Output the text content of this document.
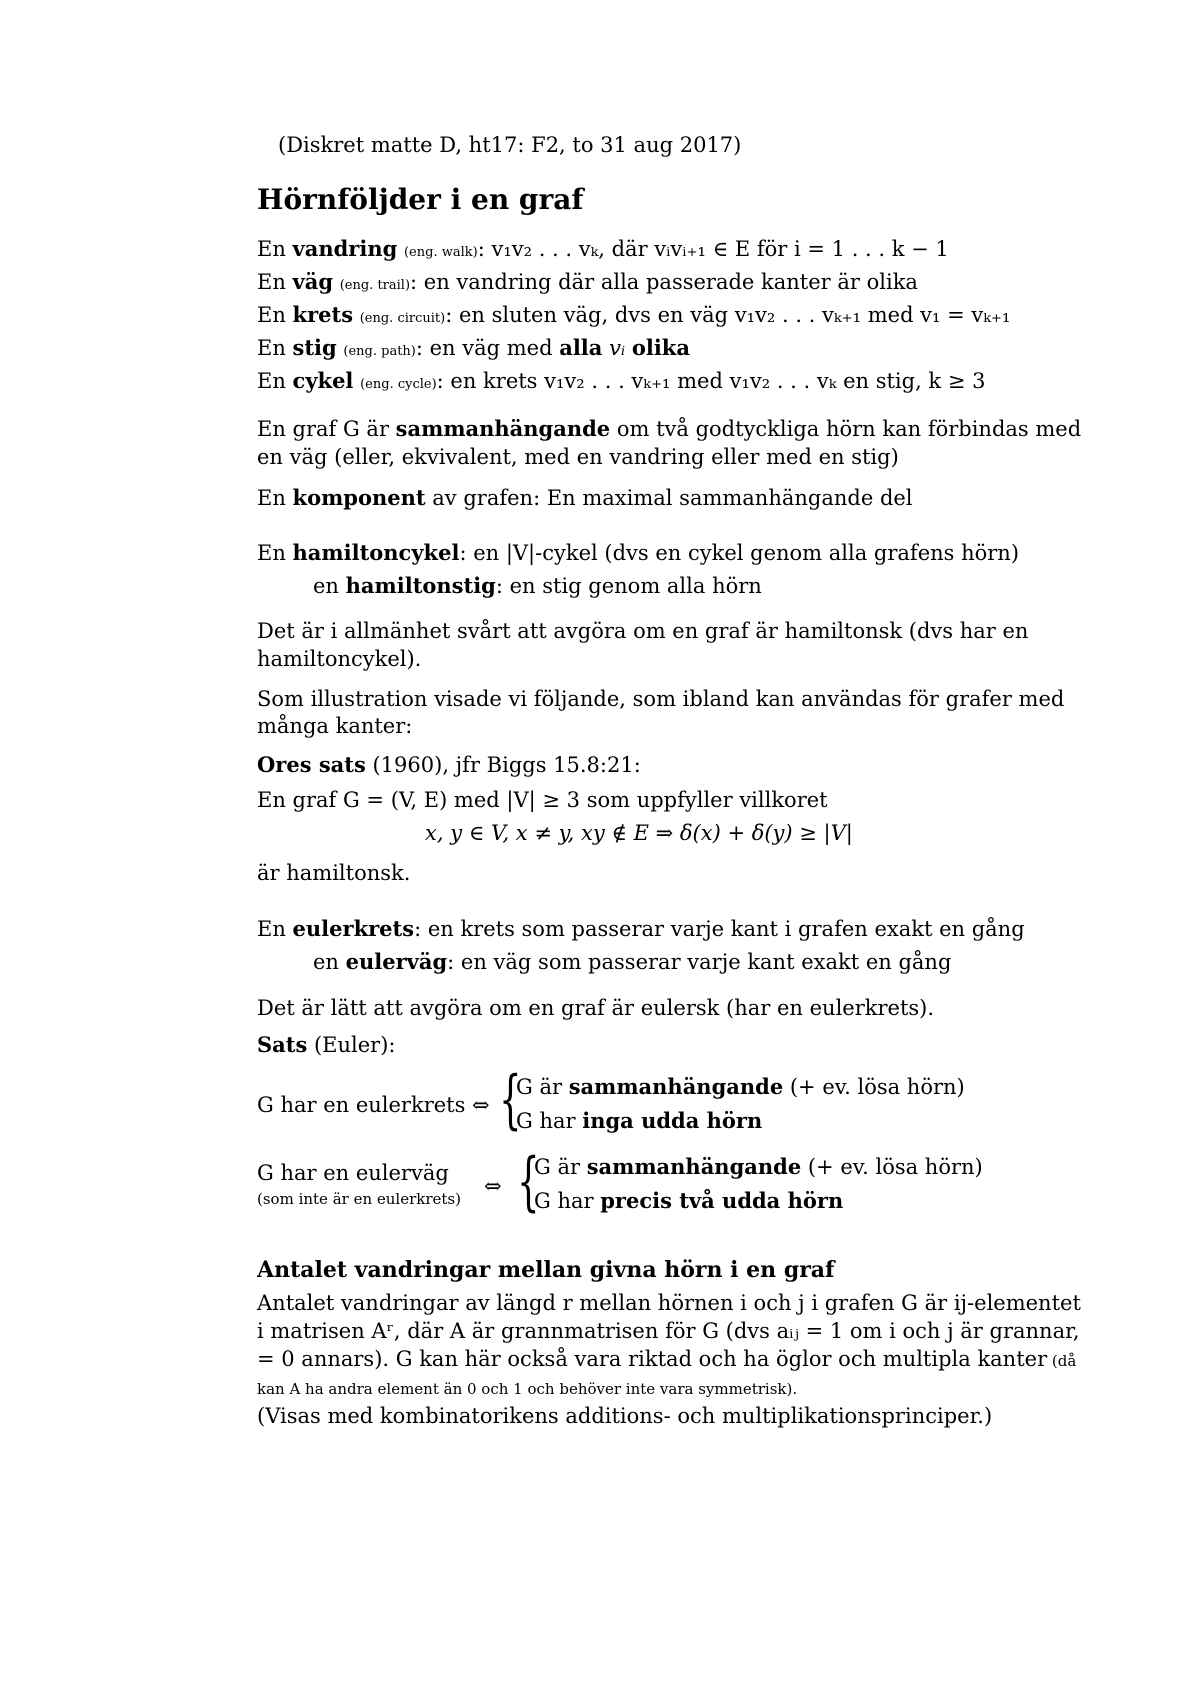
(Diskret matte D, ht17: F2, to 31 aug 2017)
Hörnföljder i en graf
En vandring (eng. walk): v₁v₂ . . . vₖ, där vᵢvᵢ₊₁ ∈ E för i = 1 . . . k − 1
En väg (eng. trail): en vandring där alla passerade kanter är olika
En krets (eng. circuit): en sluten väg, dvs en väg v₁v₂ . . . vₖ₊₁ med v₁ = vₖ₊₁
En stig (eng. path): en väg med alla vᵢ olika
En cykel (eng. cycle): en krets v₁v₂ . . . vₖ₊₁ med v₁v₂ . . . vₖ en stig, k ≥ 3
En graf G är sammanhängande om två godtyckliga hörn kan förbindas med
en väg (eller, ekvivalent, med en vandring eller med en stig)
En komponent av grafen: En maximal sammanhängande del
En hamiltoncykel: en |V|-cykel (dvs en cykel genom alla grafens hörn)
en hamiltonstig: en stig genom alla hörn
Det är i allmänhet svårt att avgöra om en graf är hamiltonsk (dvs har en
hamiltoncykel).
Som illustration visade vi följande, som ibland kan användas för grafer med
många kanter:
Ores sats (1960), jfr Biggs 15.8:21:
En graf G = (V, E) med |V| ≥ 3 som uppfyller villkoret
x, y ∈ V, x ≠ y, xy ∉ E ⇒ δ(x) + δ(y) ≥ |V|
är hamiltonsk.
En eulerkrets: en krets som passerar varje kant i grafen exakt en gång
en eulerväg: en väg som passerar varje kant exakt en gång
Det är lätt att avgöra om en graf är eulersk (har en eulerkrets).
Sats (Euler):
G har en eulerkrets ⇔ {
G är sammanhängande (+ ev. lösa hörn)
G har inga udda hörn
G har en eulerväg
(som inte är en eulerkrets)
⇔ {
G är sammanhängande (+ ev. lösa hörn)
G har precis två udda hörn
Antalet vandringar mellan givna hörn i en graf
Antalet vandringar av längd r mellan hörnen i och j i grafen G är ij-elementet
i matrisen Aʳ, där A är grannmatrisen för G (dvs aᵢⱼ = 1 om i och j är grannar,
= 0 annars). G kan här också vara riktad och ha öglor och multipla kanter (då
kan A ha andra element än 0 och 1 och behöver inte vara symmetrisk).
(Visas med kombinatorikens additions- och multiplikationsprinciper.)
